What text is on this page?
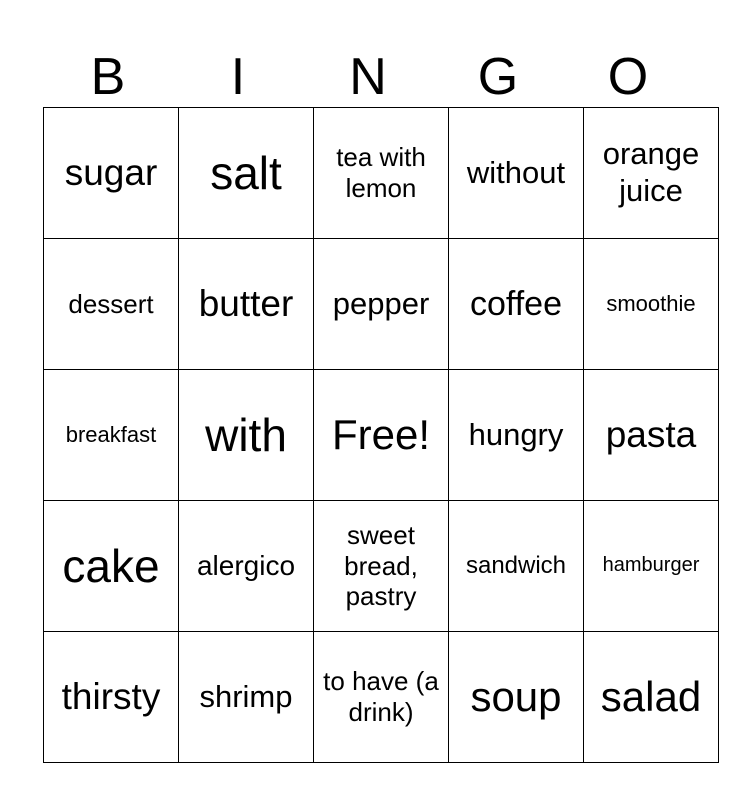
B	I	N	G	O
sugar	salt	tea with lemon	without	orange juice
dessert	butter	pepper	coffee	smoothie
breakfast	with	Free!	hungry	pasta
cake	alergico	sweet bread, pastry	sandwich	hamburger
thirsty	shrimp	to have (a drink)	soup	salad
